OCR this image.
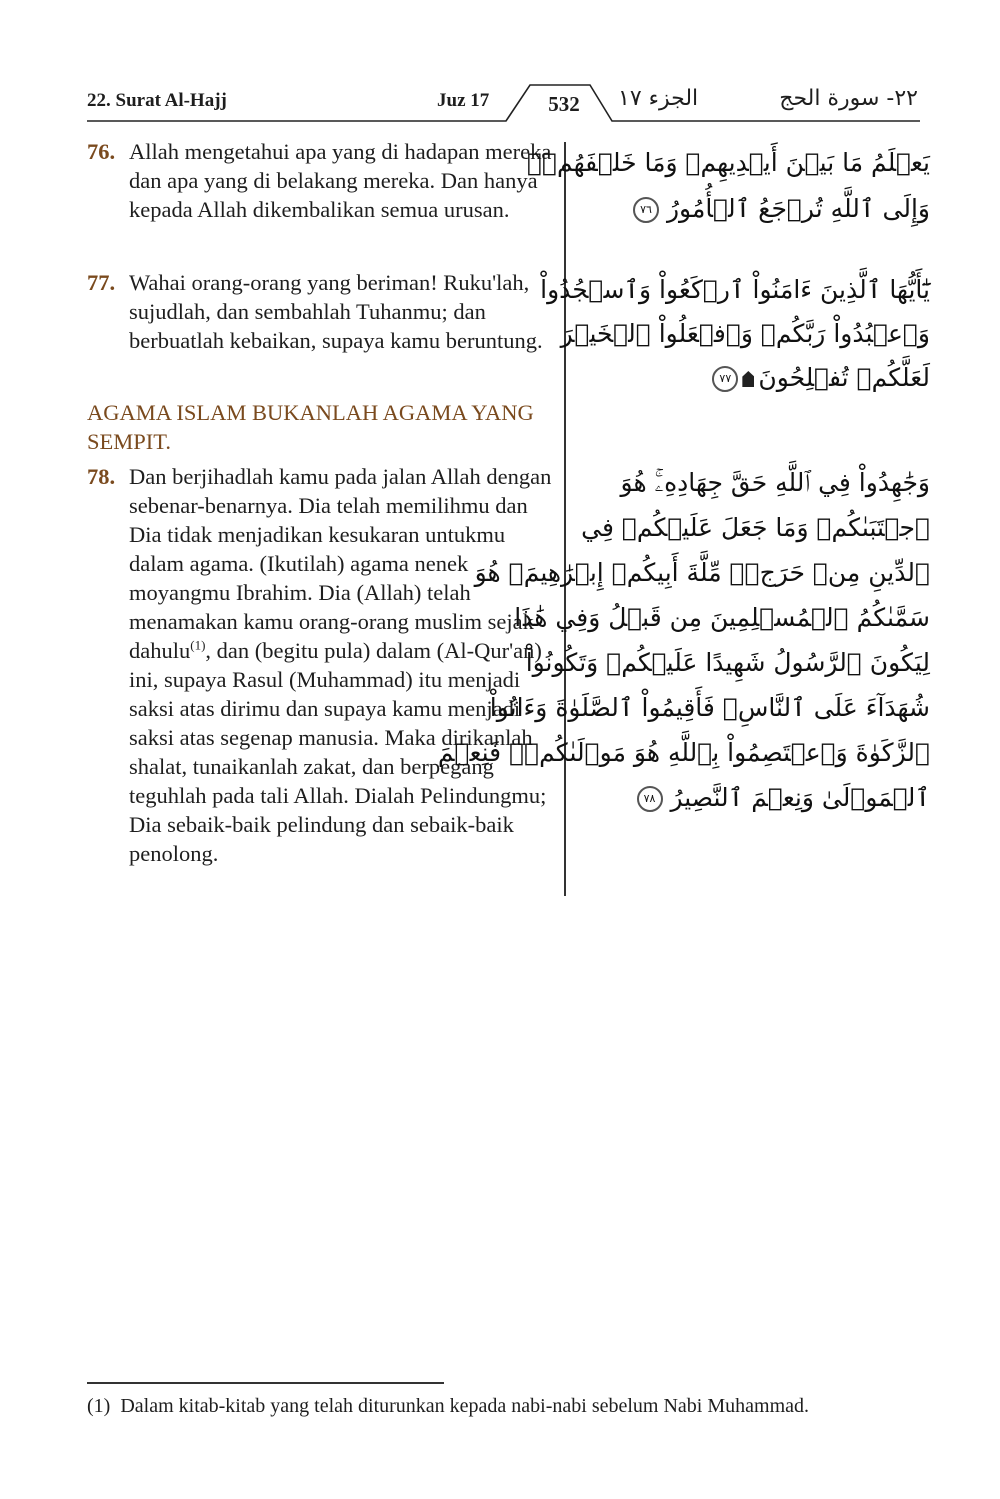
22. Surat Al-Hajj	Juz 17	532	الجزء ١٧	٢٢- سورة الحج
76. Allah mengetahui apa yang di hadapan mereka dan apa yang di belakang mereka. Dan hanya kepada Allah dikembalikan semua urusan.
77. Wahai orang-orang yang beriman! Ruku'lah, sujudlah, dan sembahlah Tuhanmu; dan berbuatlah kebaikan, supaya kamu beruntung.
AGAMA ISLAM BUKANLAH AGAMA YANG SEMPIT.
78. Dan berjihadlah kamu pada jalan Allah dengan sebenar-benarnya. Dia telah memilihmu dan Dia tidak menjadikan kesukaran untukmu dalam agama. (Ikutilah) agama nenek moyangmu Ibrahim. Dia (Allah) telah menamakan kamu orang-orang muslim sejak dahulu$^{(1)}$, dan (begitu pula) dalam (Al-Qur'an) ini, supaya Rasul (Muhammad) itu menjadi saksi atas dirimu dan supaya kamu menjadi saksi atas segenap manusia. Maka dirikanlah shalat, tunaikanlah zakat, dan berpegang teguhlah pada tali Allah. Dialah Pelindungmu; Dia sebaik-baik pelindung dan sebaik-baik penolong.
يَعۡلَمُ مَا بَيۡنَ أَيۡدِيهِمۡ وَمَا خَلۡفَهُمۡۚ
وَإِلَى ٱللَّهِ تُرۡجَعُ ٱلۡأُمُورُ ٧٦
يَٰٓأَيُّهَا ٱلَّذِينَ ءَامَنُواْ ٱرۡكَعُواْ وَٱسۡجُدُواْ
وَٱعۡبُدُواْ رَبَّكُمۡ وَٱفۡعَلُواْ ٱلۡخَيۡرَ
لَعَلَّكُمۡ تُفۡلِحُونَ٧٧
وَجَٰهِدُواْ فِي ٱللَّهِ حَقَّ جِهَادِهِۦۚ هُوَ
ٱجۡتَبَىٰكُمۡ وَمَا جَعَلَ عَلَيۡكُمۡ فِي
ٱلدِّينِ مِنۡ حَرَجٖۚ مِّلَّةَ أَبِيكُمۡ إِبۡرَٰهِيمَۚ هُوَ
سَمَّىٰكُمُ ٱلۡمُسۡلِمِينَ مِن قَبۡلُ وَفِي هَٰذَا
لِيَكُونَ ٱلرَّسُولُ شَهِيدًا عَلَيۡكُمۡ وَتَكُونُواْ
شُهَدَآءَ عَلَى ٱلنَّاسِۚ فَأَقِيمُواْ ٱلصَّلَوٰةَ وَءَاتُواْ
ٱلزَّكَوٰةَ وَٱعۡتَصِمُواْ بِٱللَّهِ هُوَ مَوۡلَىٰكُمۡۖ فَنِعۡمَ
ٱلۡمَوۡلَىٰ وَنِعۡمَ ٱلنَّصِيرُ ٧٨
(1) Dalam kitab-kitab yang telah diturunkan kepada nabi-nabi sebelum Nabi Muhammad.
